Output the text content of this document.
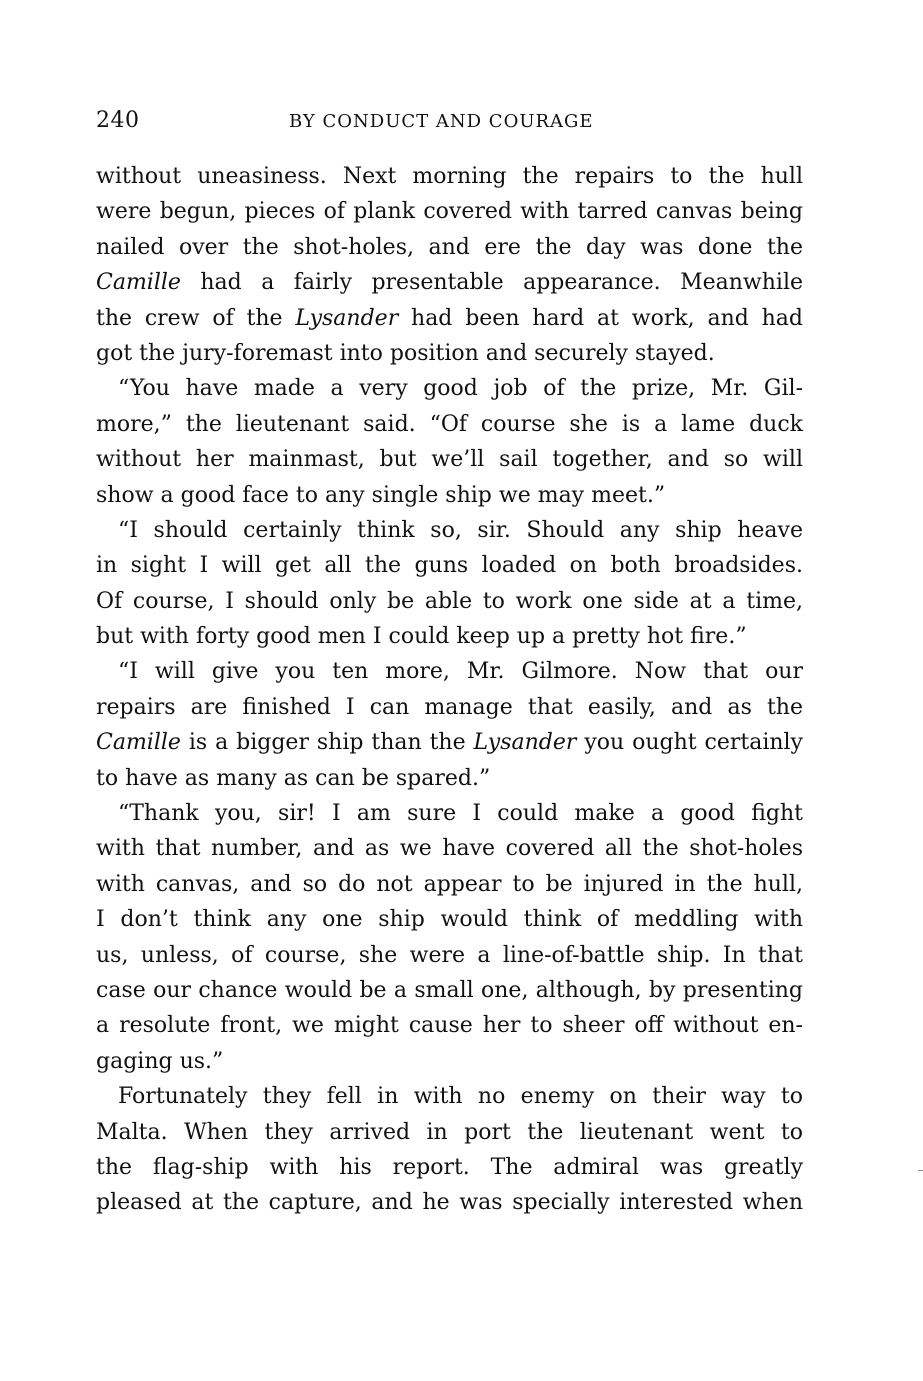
240	BY CONDUCT AND COURAGE
without uneasiness. Next morning the repairs to the hull
were begun, pieces of plank covered with tarred canvas being
nailed over the shot-holes, and ere the day was done the
Camille had a fairly presentable appearance. Meanwhile
the crew of the Lysander had been hard at work, and had
got the jury-foremast into position and securely stayed.
“You have made a very good job of the prize, Mr. Gil-
more,” the lieutenant said. “Of course she is a lame duck
without her mainmast, but we’ll sail together, and so will
show a good face to any single ship we may meet.”
“I should certainly think so, sir. Should any ship heave
in sight I will get all the guns loaded on both broadsides.
Of course, I should only be able to work one side at a time,
but with forty good men I could keep up a pretty hot fire.”
“I will give you ten more, Mr. Gilmore. Now that our
repairs are finished I can manage that easily, and as the
Camille is a bigger ship than the Lysander you ought certainly
to have as many as can be spared.”
“Thank you, sir! I am sure I could make a good fight
with that number, and as we have covered all the shot-holes
with canvas, and so do not appear to be injured in the hull,
I don’t think any one ship would think of meddling with
us, unless, of course, she were a line-of-battle ship. In that
case our chance would be a small one, although, by presenting
a resolute front, we might cause her to sheer off without en-
gaging us.”
Fortunately they fell in with no enemy on their way to
Malta. When they arrived in port the lieutenant went to
the flag-ship with his report. The admiral was greatly
pleased at the capture, and he was specially interested when
